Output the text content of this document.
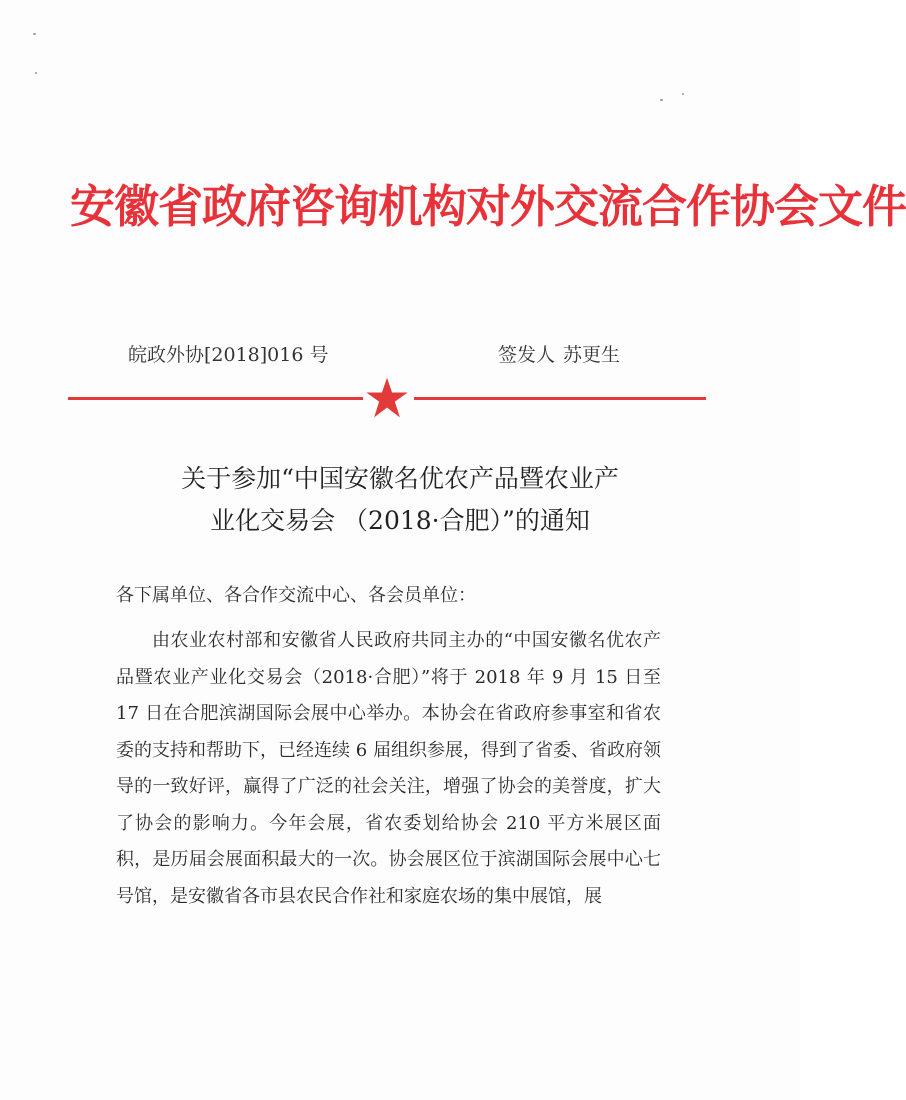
安徽省政府咨询机构对外交流合作协会文件
皖政外协[2018]016 号	签发人 苏更生
关于参加“中国安徽名优农产品暨农业产
业化交易会 （2018·合肥）”的通知

各下属单位、各合作交流中心、各会员单位：

由农业农村部和安徽省人民政府共同主办的“中国安徽名优农产品暨农业产业化交易会（2018·合肥）”将于 2018 年 9 月 15 日至 17 日在合肥滨湖国际会展中心举办。本协会在省政府参事室和省农委的支持和帮助下，已经连续 6 届组织参展，得到了省委、省政府领导的一致好评，赢得了广泛的社会关注，增强了协会的美誉度，扩大了协会的影响力。今年会展，省农委划给协会 210 平方米展区面积，是历届会展面积最大的一次。协会展区位于滨湖国际会展中心七号馆，是安徽省各市县农民合作社和家庭农场的集中展馆，展
